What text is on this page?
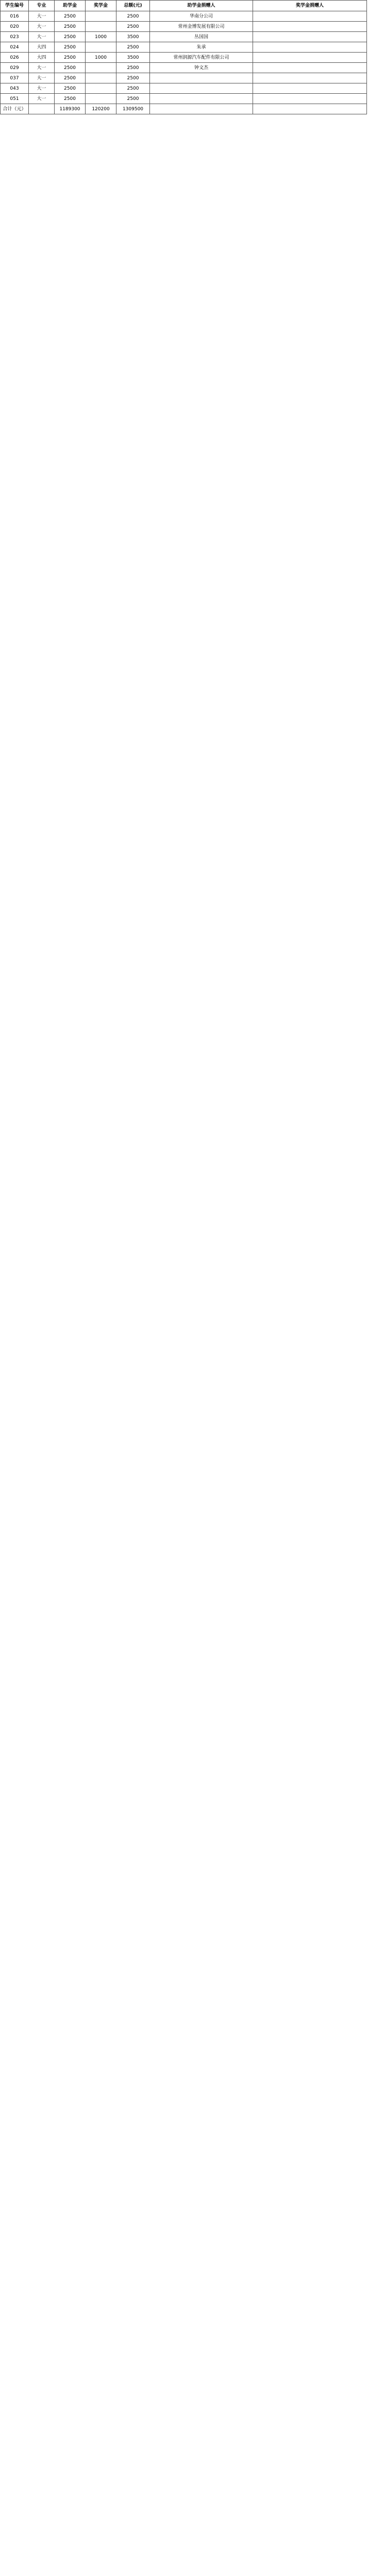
学生编号	专业	助学金	奖学金	总额(元)	助学金捐赠人	奖学金捐赠人
016	大一	2500		2500	华南分公司	
020	大一	2500		2500	常州金博发展有限公司	
023	大一	2500	1000	3500	丛国国	
024	大四	2500		2500	朱承	
026	大四	2500	1000	3500	常州润源汽车配件有限公司	
029	大一	2500		2500	钟文杰	
037	大一	2500		2500		
043	大一	2500		2500		
051	大一	2500		2500		
合计（元）		1189300	120200	1309500		
